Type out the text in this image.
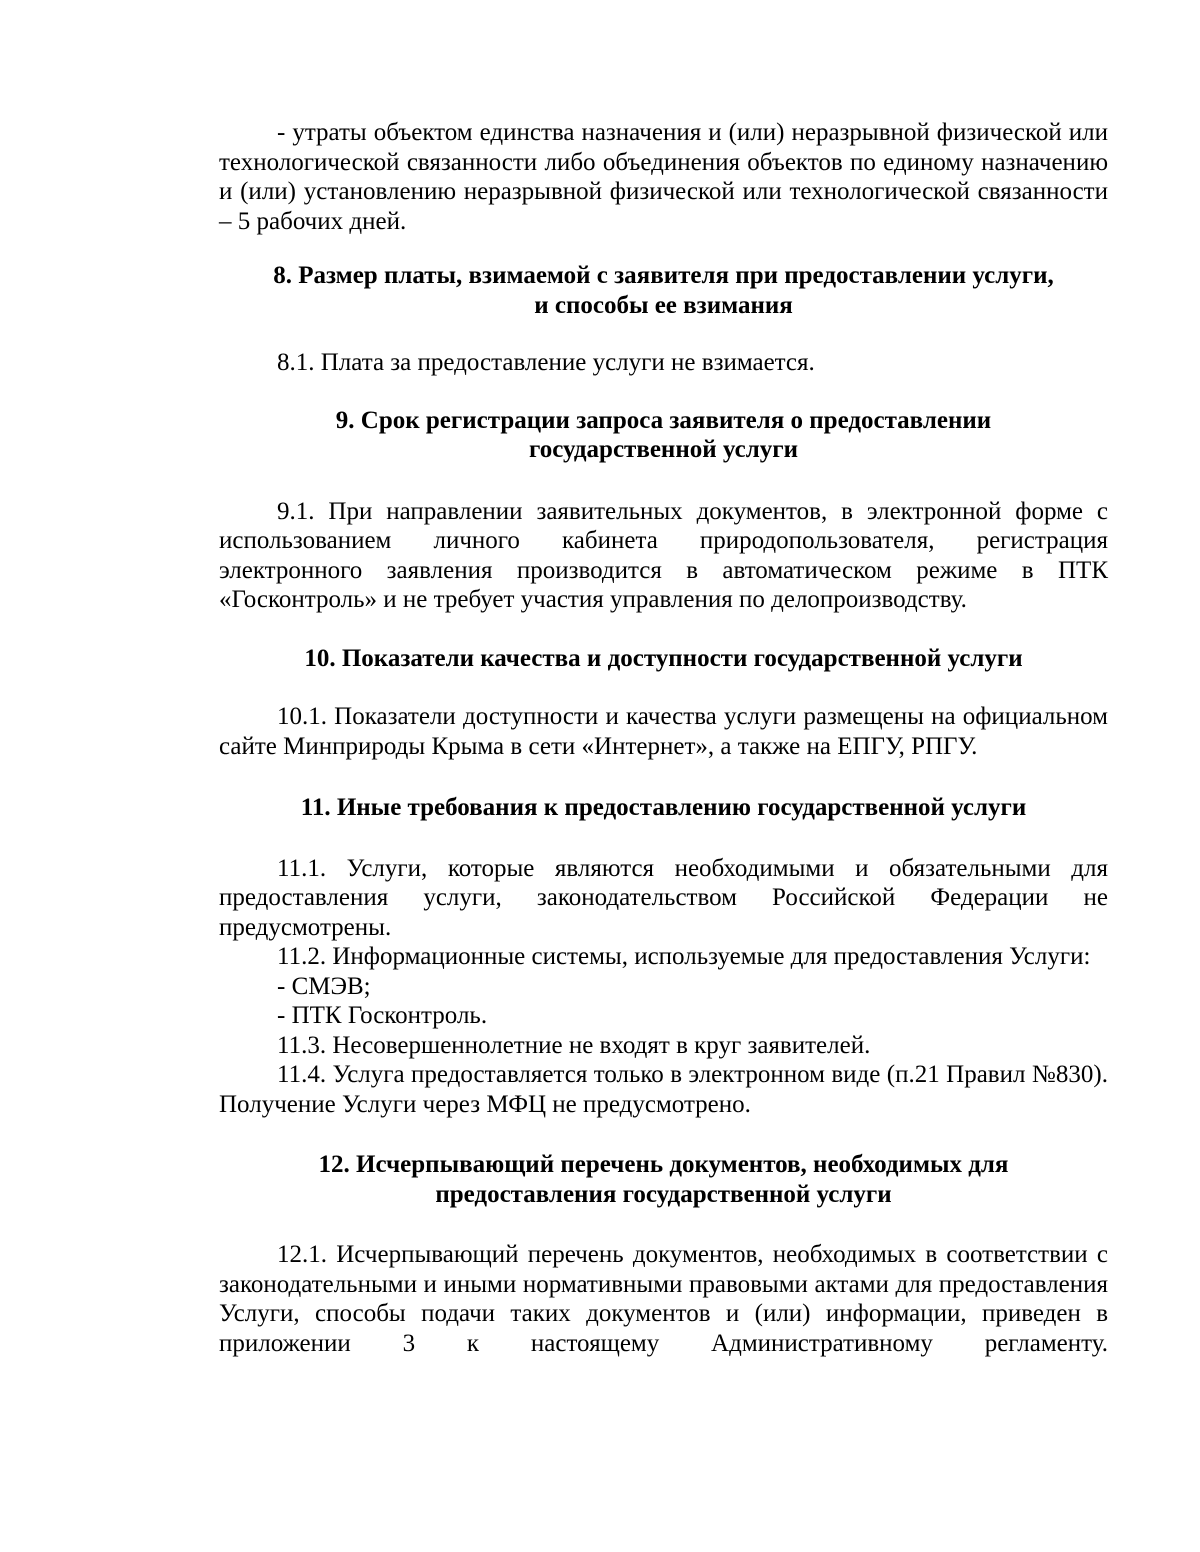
- утраты объектом единства назначения и (или) неразрывной физической или технологической связанности либо объединения объектов по единому назначению и (или) установлению неразрывной физической или технологической связанности – 5 рабочих дней.

8. Размер платы, взимаемой с заявителя при предоставлении услуги,
и способы ее взимания

8.1. Плата за предоставление услуги не взимается.

9. Срок регистрации запроса заявителя о предоставлении
государственной услуги

9.1. При направлении заявительных документов, в электронной форме с использованием личного кабинета природопользователя, регистрация электронного заявления производится в автоматическом режиме в ПТК «Госконтроль» и не требует участия управления по делопроизводству.

10. Показатели качества и доступности государственной услуги

10.1. Показатели доступности и качества услуги размещены на официальном сайте Минприроды Крыма в сети «Интернет», а также на ЕПГУ, РПГУ.

11. Иные требования к предоставлению государственной услуги

11.1. Услуги, которые являются необходимыми и обязательными для предоставления услуги, законодательством Российской Федерации не предусмотрены.

11.2. Информационные системы, используемые для предоставления Услуги:

- СМЭВ;

- ПТК Госконтроль.

11.3. Несовершеннолетние не входят в круг заявителей.

11.4. Услуга предоставляется только в электронном виде (п.21 Правил №830). Получение Услуги через МФЦ не предусмотрено.

12. Исчерпывающий перечень документов, необходимых для
предоставления государственной услуги

12.1. Исчерпывающий перечень документов, необходимых в соответствии с законодательными и иными нормативными правовыми актами для предоставления Услуги, способы подачи таких документов и (или) информации, приведен в приложении 3 к настоящему Административному регламенту.
